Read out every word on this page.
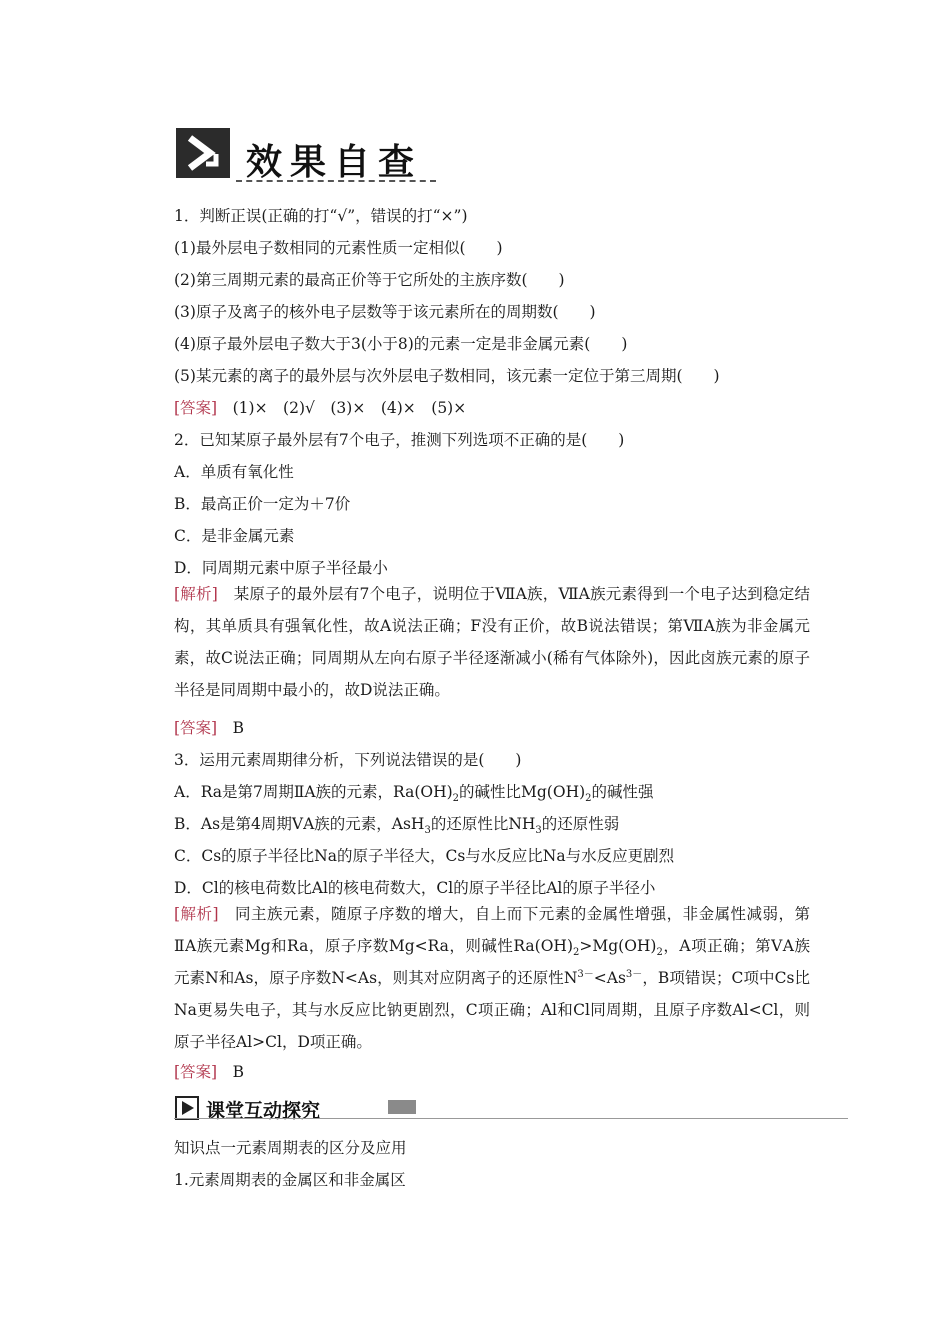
效果自查
1．判断正误(正确的打“√”，错误的打“×”)
(1)最外层电子数相同的元素性质一定相似(　　)
(2)第三周期元素的最高正价等于它所处的主族序数(　　)
(3)原子及离子的核外电子层数等于该元素所在的周期数(　　)
(4)原子最外层电子数大于3(小于8)的元素一定是非金属元素(　　)
(5)某元素的离子的最外层与次外层电子数相同，该元素一定位于第三周期(　　)
[答案]　(1)×　(2)√　(3)×　(4)×　(5)×
2．已知某原子最外层有7个电子，推测下列选项不正确的是(　　)
A．单质有氧化性
B．最高正价一定为＋7价
C．是非金属元素
D．同周期元素中原子半径最小
[解析]　某原子的最外层有7个电子，说明位于ⅦA族，ⅦA族元素得到一个电子达到稳定结构，其单质具有强氧化性，故A说法正确；F没有正价，故B说法错误；第ⅦA族为非金属元素，故C说法正确；同周期从左向右原子半径逐渐减小(稀有气体除外)，因此卤族元素的原子半径是同周期中最小的，故D说法正确。
[答案]　B
3．运用元素周期律分析，下列说法错误的是(　　)
A．Ra是第7周期ⅡA族的元素，$Ra(OH)_2$的碱性比$Mg(OH)_2$的碱性强
B．As是第4周期ⅤA族的元素，AsH$_3$的还原性比$NH_3$的还原性弱
C．Cs的原子半径比Na的原子半径大，Cs与水反应比Na与水反应更剧烈
D．Cl的核电荷数比Al的核电荷数大，Cl的原子半径比Al的原子半径小
[解析]　同主族元素，随原子序数的增大，自上而下元素的金属性增强，非金属性减弱，第ⅡA族元素Mg和Ra，原子序数Mg<Ra，则碱性$Ra(OH)_2>Mg(OH)_2$，A项正确；第ⅤA族元素N和As，原子序数N<As，则其对应阴离子的还原性$N^{3-}<As^{3-}$，B项错误；C项中Cs比Na更易失电子，其与水反应比钠更剧烈，C项正确；Al和Cl同周期，且原子序数Al<Cl，则原子半径Al>Cl，D项正确。
[答案]　B
课堂互动探究
知识点一元素周期表的区分及应用
1.元素周期表的金属区和非金属区
